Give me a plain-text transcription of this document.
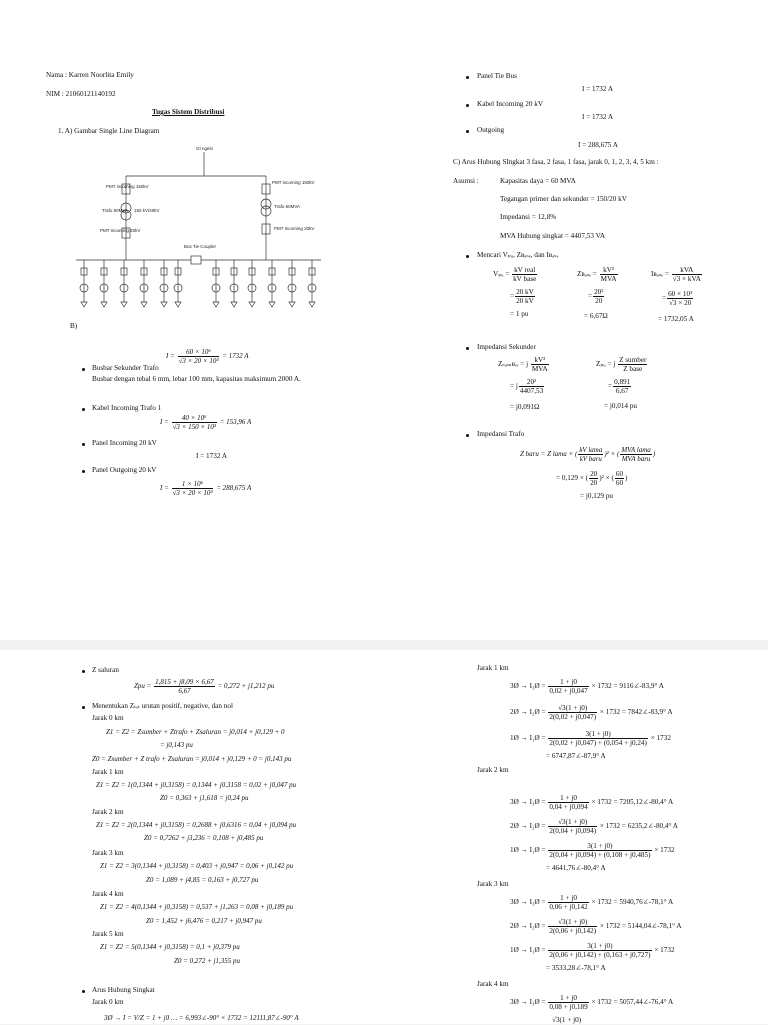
Nama : Karren Noorlita Emily
NIM : 21060121140192
Tugas Sistem Distribusi
1. A) Gambar Single Line Diagram
GI ngelo
PMT incoming 150kV
PMT incoming 150kV
Trafo 60MVA 150 kV/20kV
Trafo 60MVA
PMT Incoming 20kV	PMT Incoming 20kV
Bus Tie Coupler
B)
Busbar Sekunder Trafo
$I = \frac{\text{60 × 10⁶}}{\text{√3 × 20 × 10³}} = 1732$ A
Busbar dengan tebal 6 mm, lebar 100 mm, kapasitas maksimum 2000 A.
Kabel Incoming Trafo 1
$I = \frac{\text{40 × 10⁶}}{\text{√3 × 150 × 10³}} = 153,96$ A
Panel Incoming 20 kV
I = 1732 A
Panel Outgoing 20 kV
$I = \frac{\text{1 × 10⁶}}{\text{√3 × 20 × 10³}} = 288,675$ A
Panel Tie Bus
I = 1732 A
Kabel Incoming 20 kV
I = 1732 A
Outgoing
I = 288,675 A
C) Arus Hubung SIngkat 3 fasa, 2 fasa, 1 fasa, jarak 0, 1, 2, 3, 4, 5 km :
Asumsi :	Kapasitas daya = 60 MVA
Tegangan primer dan sekunder = 150/20 kV
Impedansi = 12,8%
MVA Hubung singkat = 4407,53 VA
Mencari Vₚᵤ, Zʙₐₛₑ, dan Iʙₐₛₑ
Vₚᵤ = $\frac{\text{kV real}}{\text{kV base}}$
= $\frac{20 kV}{20 kV}$
= 1 pu
Zʙₐₛₑ = $\frac{\text{kV²}}{\text{MVA}}$
= $\frac{\text{20²}}{20}$
= 6,67Ω
Iʙₐₛₑ = $\frac{\text{kVA}}{\text{√3 × kVA}}$
= $\frac{\text{60 × 10³}}{√3 \times 20}$
= 1732,05 A
Impedansi Sekunder
Zₛᵤₘʙₑᵣ = j $\frac{\text{kV²}}{\text{MVA}}$
= j $\frac{\text{20²}}{4407,53}$
= j0,091Ω
Zₚᵤ = j $\frac{\text{Z sumber}}{\text{Z base}}$
= $\frac{0,891}{6,67}$
= j0,014 pu
Impedansi Trafo
Z baru = Z lama × ( $\frac{\text{kV lama}}{\text{kV baru}} )^2$ × ( $\frac{\text{MVA lama}}{\text{MVA baru}}$ )
= 0,129 × ( $\frac{20}{20} )^2$ × ( $\frac{60}{60}$ )
= j0,129 pu
Z saluran
Zpu = $\frac{1,815 + j8,09 \times 6,67}{6,67} = 0,272 + j1,212$ pu
Menentukan Zₜₒₜ urutan positif, negative, dan nol
Jarak 0 km
Z1 = Z2 = Zsumber + Ztrafo + Zsaluran = j0,014 + j0,129 + 0
= j0,143 pu
Z0 = Zsumber + Z trafo + Zsaluran = j0,014 + j0,129 + 0 = j0,143 pu
Jarak 1 km
Z1 = Z2 = 1(0,1344 + j0,3158) = 0,1344 + j0,3158 = 0,02 + j0,047 pu
Z0 = 0,363 + j1,618 = j0,24 pu
Jarak 2 km
Z1 = Z2 = 2(0,1344 + j0,3158) = 0,2688 + j0,6316 = 0,04 + j0,094 pu
Z0 = 0,7262 + j3,236 = 0,108 + j0,485 pu
Jarak 3 km
Z1 = Z2 = 3(0,1344 + j0,3158) = 0,403 + j0,947 = 0,06 + j0,142 pu
Z0 = 1,089 + j4,85 = 0,163 + j0,727 pu
Jarak 4 km
Z1 = Z2 = 4(0,1344 + j0,3158) = 0,537 + j1,263 = 0,08 + j0,189 pu
Z0 = 1,452 + j6,476 = 0,217 + j0,947 pu
Jarak 5 km
Z1 = Z2 = 5(0,1344 + j0,3158) = 0,1 + j0,379 pu
Z0 = 0,272 + j1,355 pu
Arus Hubung Singkat
Jarak 0 km
3Ø → I = V/Z = 1 + j0 … = 6,993∠-90° × 1732 = 12111,87∠-90° A
Jarak 1 km
3Ø → I₃Ø = $\frac{1 + j0}{0,02 + j0,047} \times 1732$ = 9116∠-83,9° A
2Ø → I₂Ø = $\frac{√3(1 + j0)}{2(0,02 + j0,047)} \times 1732$ = 7842∠-83,9° A
1Ø → I₁Ø = $\frac{3(1 + j0)}{2(0,02 + j0,047) + (0,054 + j0,24)} \times 1732$
= 6747,87∠-87,9° A
Jarak 2 km
3Ø → I₃Ø = $\frac{1 + j0}{0,04 + j0,094} \times 1732$ = 7205,12∠-80,4° A
2Ø → I₂Ø = $\frac{√3(1 + j0)}{2(0,04 + j0,094)} \times 1732$ = 6235,2∠-80,4° A
1Ø → I₁Ø = $\frac{3(1 + j0)}{2(0,04 + j0,094) + (0,108 + j0,485)} \times 1732$
= 4641,76∠-80,4° A
Jarak 3 km
3Ø → I₃Ø = $\frac{1 + j0}{0,06 + j0,142} \times 1732$ = 5940,76∠-78,1° A
2Ø → I₂Ø = $\frac{√3(1 + j0)}{2(0,06 + j0,142)} \times 1732$ = 5144,04∠-78,1° A
1Ø → I₁Ø = $\frac{3(1 + j0)}{2(0,06 + j0,142) + (0,163 + j0,727)} \times 1732$
= 3533,28∠-78,1° A
Jarak 4 km
3Ø → I₃Ø = $\frac{1 + j0}{0,08 + j0,189} \times 1732$ = 5057,44∠-76,4° A
√3(1 + j0)
